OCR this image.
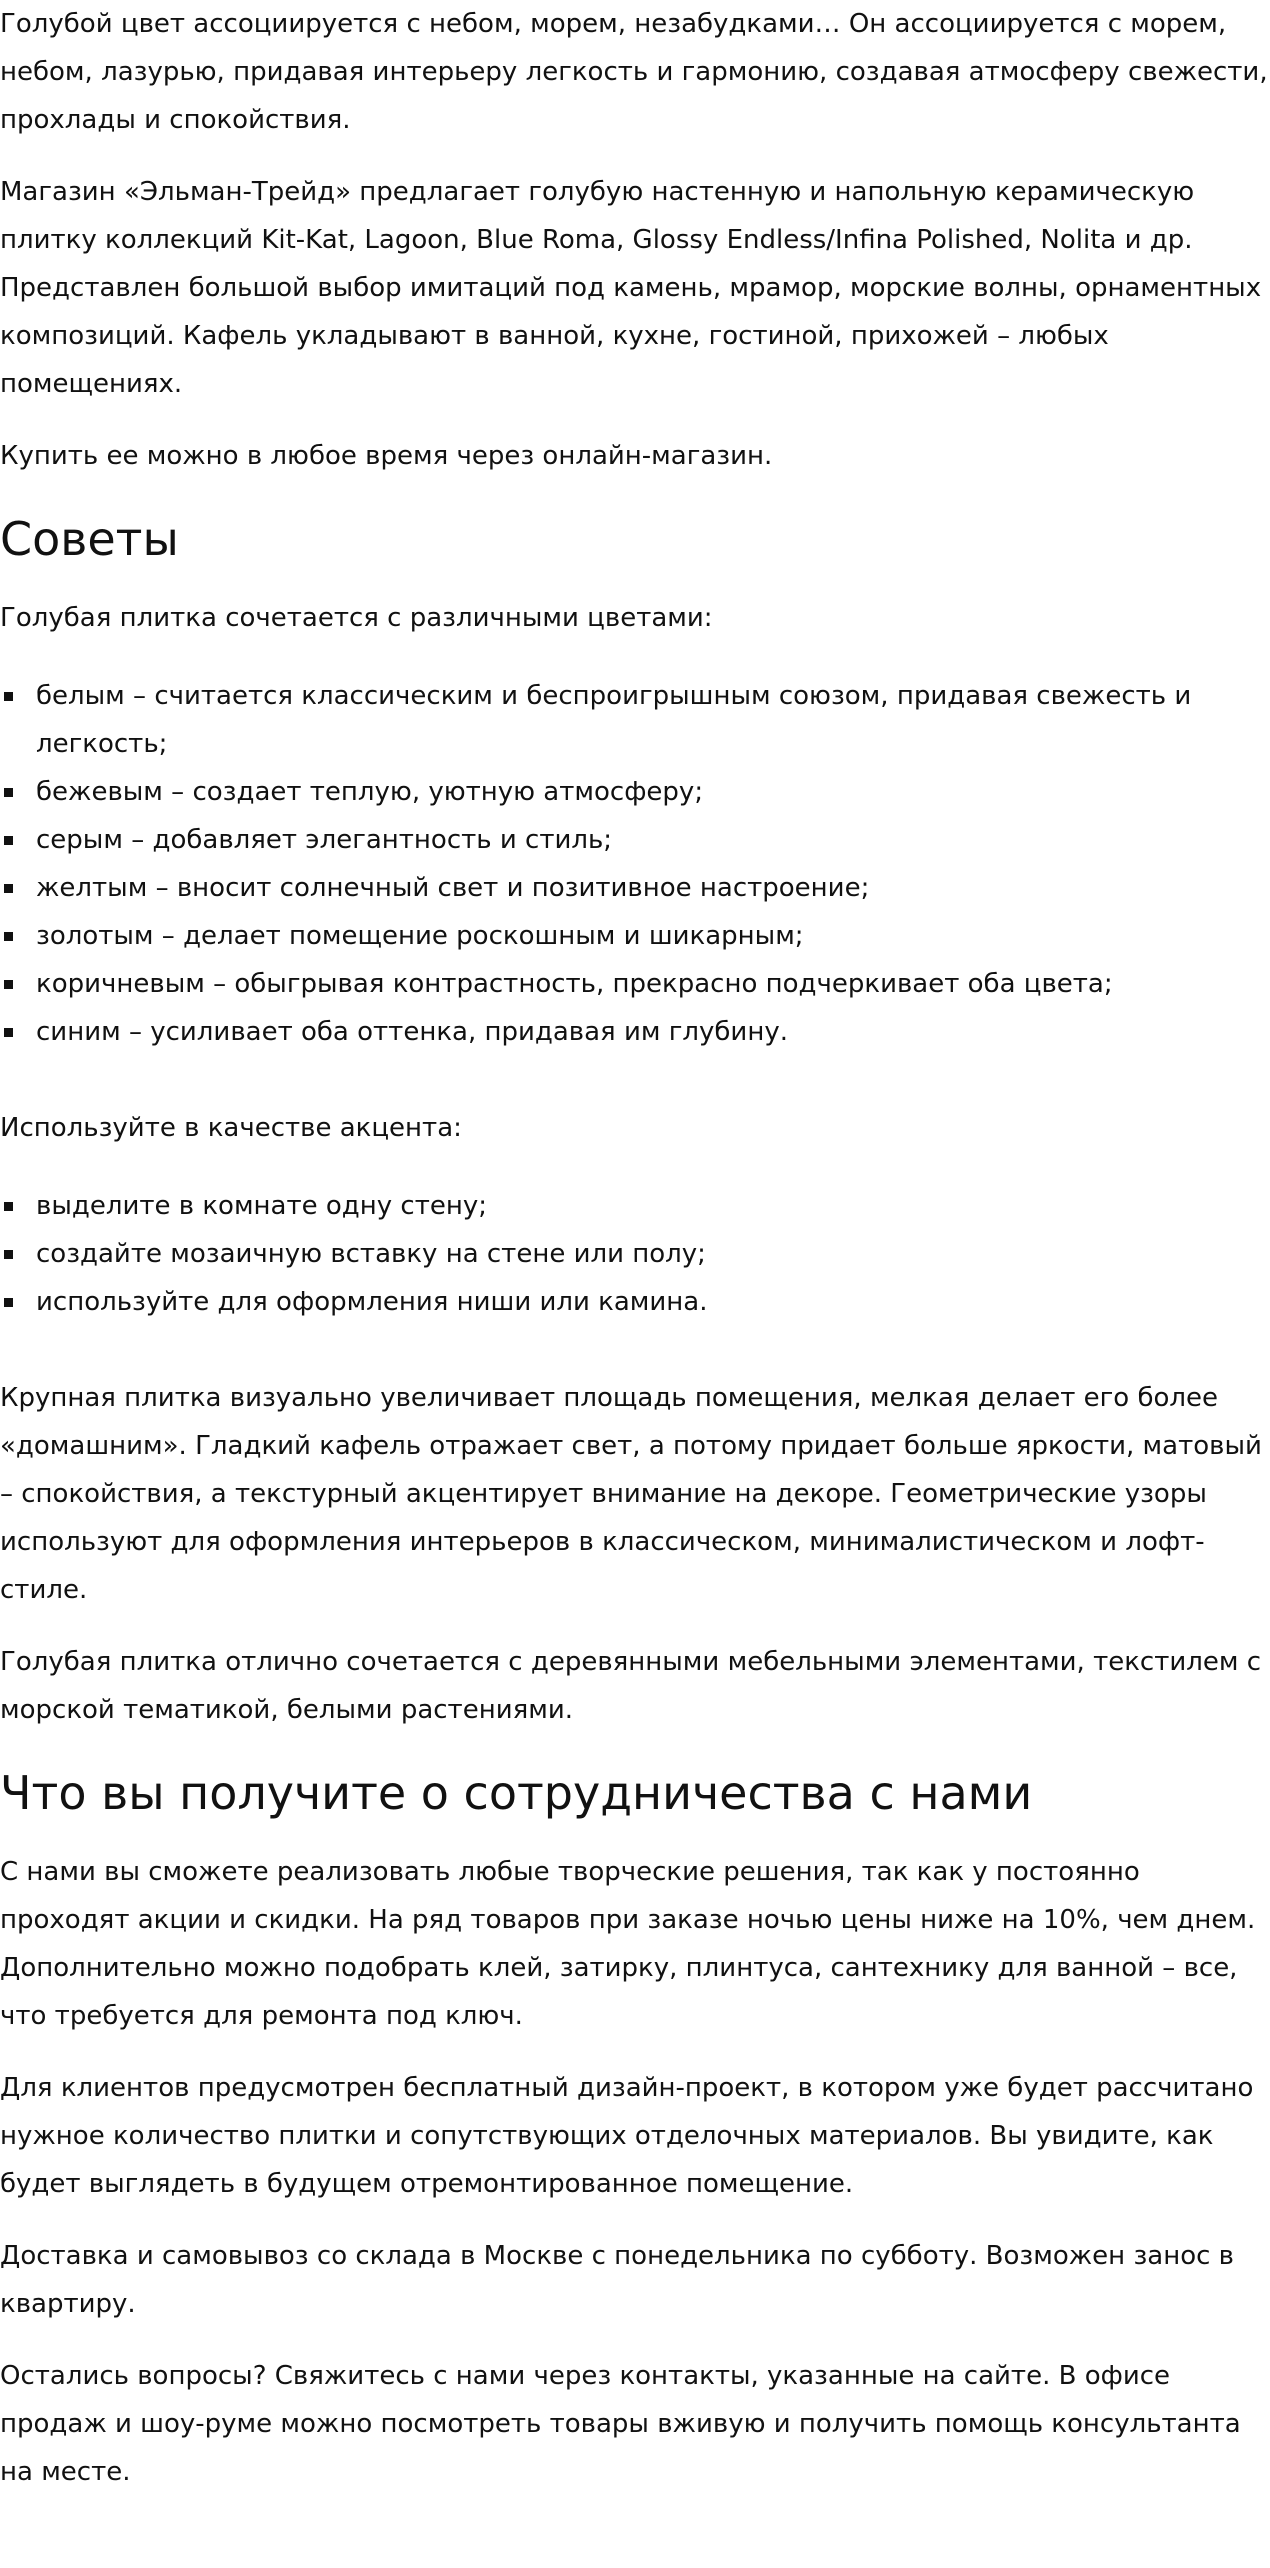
Голубой цвет ассоциируется с небом, морем, незабудками… Он ассоциируется с морем, небом, лазурью, придавая интерьеру легкость и гармонию, создавая атмосферу свежести, прохлады и спокойствия.

Магазин «Эльман-Трейд» предлагает голубую настенную и напольную керамическую плитку коллекций Kit-Kat, Lagoon, Blue Roma, Glossy Endless/Infina Polished, Nolita и др. Представлен большой выбор имитаций под камень, мрамор, морские волны, орнаментных композиций. Кафель укладывают в ванной, кухне, гостиной, прихожей – любых помещениях.

Купить ее можно в любое время через онлайн-магазин.

Советы

Голубая плитка сочетается с различными цветами:

белым – считается классическим и беспроигрышным союзом, придавая свежесть и легкость;
бежевым – создает теплую, уютную атмосферу;
серым – добавляет элегантность и стиль;
желтым – вносит солнечный свет и позитивное настроение;
золотым – делает помещение роскошным и шикарным;
коричневым – обыгрывая контрастность, прекрасно подчеркивает оба цвета;
синим – усиливает оба оттенка, придавая им глубину.

Используйте в качестве акцента:

выделите в комнате одну стену;
создайте мозаичную вставку на стене или полу;
используйте для оформления ниши или камина.

Крупная плитка визуально увеличивает площадь помещения, мелкая делает его более «домашним». Гладкий кафель отражает свет, а потому придает больше яркости, матовый – спокойствия, а текстурный акцентирует внимание на декоре. Геометрические узоры используют для оформления интерьеров в классическом, минималистическом и лофт-стиле.

Голубая плитка отлично сочетается с деревянными мебельными элементами, текстилем с морской тематикой, белыми растениями.

Что вы получите о сотрудничества с нами

С нами вы сможете реализовать любые творческие решения, так как у постоянно проходят акции и скидки. На ряд товаров при заказе ночью цены ниже на 10%, чем днем. Дополнительно можно подобрать клей, затирку, плинтуса, сантехнику для ванной – все, что требуется для ремонта под ключ.

Для клиентов предусмотрен бесплатный дизайн-проект, в котором уже будет рассчитано нужное количество плитки и сопутствующих отделочных материалов. Вы увидите, как будет выглядеть в будущем отремонтированное помещение.

Доставка и самовывоз со склада в Москве с понедельника по субботу. Возможен занос в квартиру.

Остались вопросы? Свяжитесь с нами через контакты, указанные на сайте. В офисе продаж и шоу-руме можно посмотреть товары вживую и получить помощь консультанта на месте.
